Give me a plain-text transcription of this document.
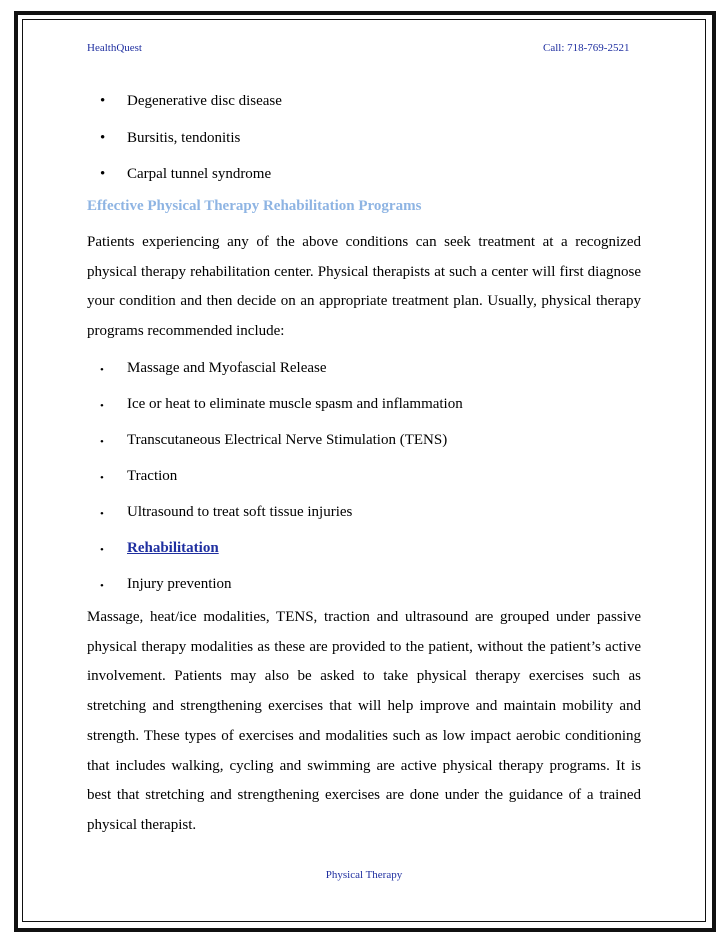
HealthQuest	Call: 718-769-2521
• Degenerative disc disease
• Bursitis, tendonitis
• Carpal tunnel syndrome
Effective Physical Therapy Rehabilitation Programs

Patients experiencing any of the above conditions can seek treatment at a recognized physical therapy rehabilitation center. Physical therapists at such a center will first diagnose your condition and then decide on an appropriate treatment plan. Usually, physical therapy programs recommended include:

• Massage and Myofascial Release
• Ice or heat to eliminate muscle spasm and inflammation
• Transcutaneous Electrical Nerve Stimulation (TENS)
• Traction
• Ultrasound to treat soft tissue injuries
• Rehabilitation
• Injury prevention

Massage, heat/ice modalities, TENS, traction and ultrasound are grouped under passive physical therapy modalities as these are provided to the patient, without the patient’s active involvement. Patients may also be asked to take physical therapy exercises such as stretching and strengthening exercises that will help improve and maintain mobility and strength. These types of exercises and modalities such as low impact aerobic conditioning that includes walking, cycling and swimming are active physical therapy programs. It is best that stretching and strengthening exercises are done under the guidance of a trained physical therapist.

Physical Therapy
